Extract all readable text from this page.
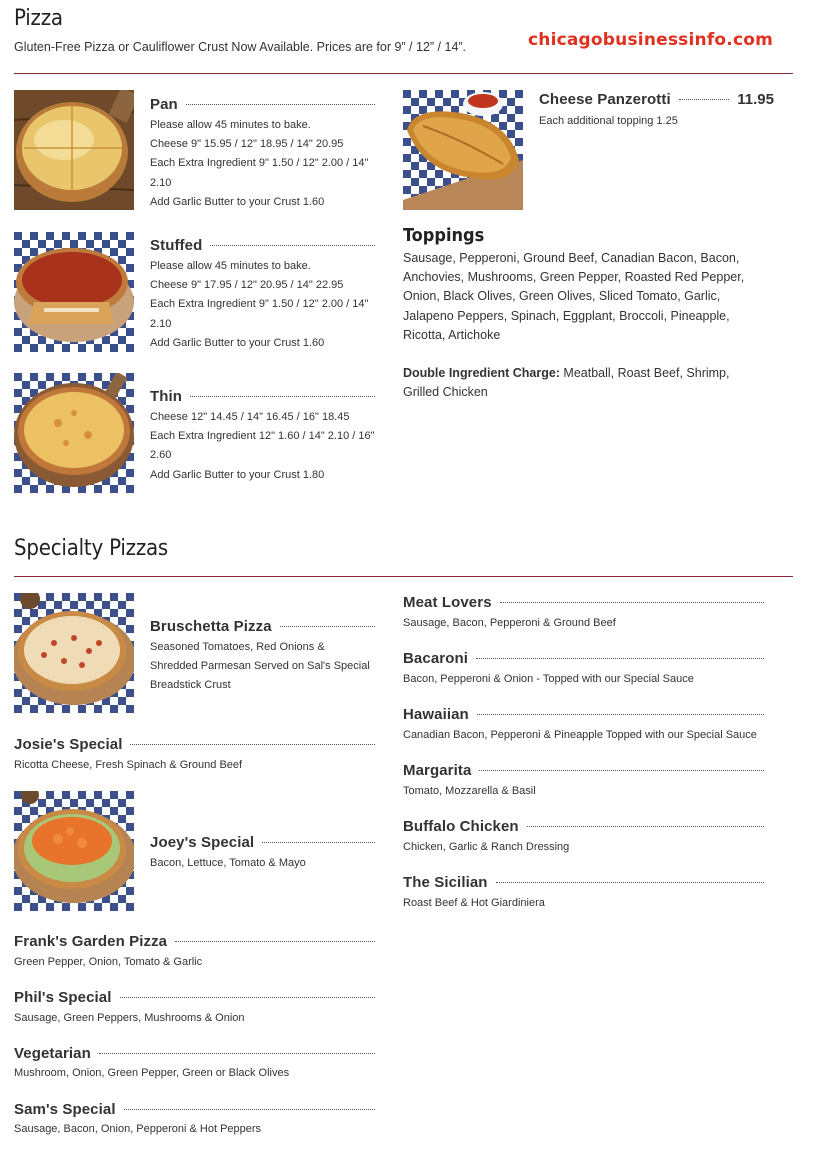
Pizza
Gluten-Free Pizza or Cauliflower Crust Now Available. Prices are for 9” / 12” / 14”.	chicagobusinessinfo.com
Pan

Please allow 45 minutes to bake.

Cheese 9" 15.95 / 12" 18.95 / 14" 20.95

Each Extra Ingredient 9" 1.50 / 12" 2.00 / 14"

2.10

Add Garlic Butter to your Crust 1.60

Stuffed

Please allow 45 minutes to bake.

Cheese 9" 17.95 / 12" 20.95 / 14" 22.95

Each Extra Ingredient 9" 1.50 / 12" 2.00 / 14"

2.10

Add Garlic Butter to your Crust 1.60

Thin

Cheese 12" 14.45 / 14" 16.45 / 16" 18.45

Each Extra Ingredient 12" 1.60 / 14" 2.10 / 16"

2.60

Add Garlic Butter to your Crust 1.80

Cheese Panzerotti	11.95
Each additional topping 1.25
Toppings

Sausage, Pepperoni, Ground Beef, Canadian Bacon, Bacon,

Anchovies, Mushrooms, Green Pepper, Roasted Red Pepper,

Onion, Black Olives, Green Olives, Sliced Tomato, Garlic,

Jalapeno Peppers, Spinach, Eggplant, Broccoli, Pineapple,

Ricotta, Artichoke

Double Ingredient Charge: Meatball, Roast Beef, Shrimp,

Grilled Chicken

Specialty Pizzas
Bruschetta Pizza

Seasoned Tomatoes, Red Onions &

Shredded Parmesan Served on Sal's Special

Breadstick Crust

Josie's Special
Ricotta Cheese, Fresh Spinach & Ground Beef
Joey's Special
Bacon, Lettuce, Tomato & Mayo
Frank's Garden Pizza
Green Pepper, Onion, Tomato & Garlic
Phil's Special
Sausage, Green Peppers, Mushrooms & Onion
Vegetarian
Mushroom, Onion, Green Pepper, Green or Black Olives
Sam's Special
Sausage, Bacon, Onion, Pepperoni & Hot Peppers
Meat Lovers
Sausage, Bacon, Pepperoni & Ground Beef
Bacaroni
Bacon, Pepperoni & Onion - Topped with our Special Sauce
Hawaiian
Canadian Bacon, Pepperoni & Pineapple Topped with our Special Sauce
Margarita
Tomato, Mozzarella & Basil
Buffalo Chicken
Chicken, Garlic & Ranch Dressing
The Sicilian
Roast Beef & Hot Giardiniera
